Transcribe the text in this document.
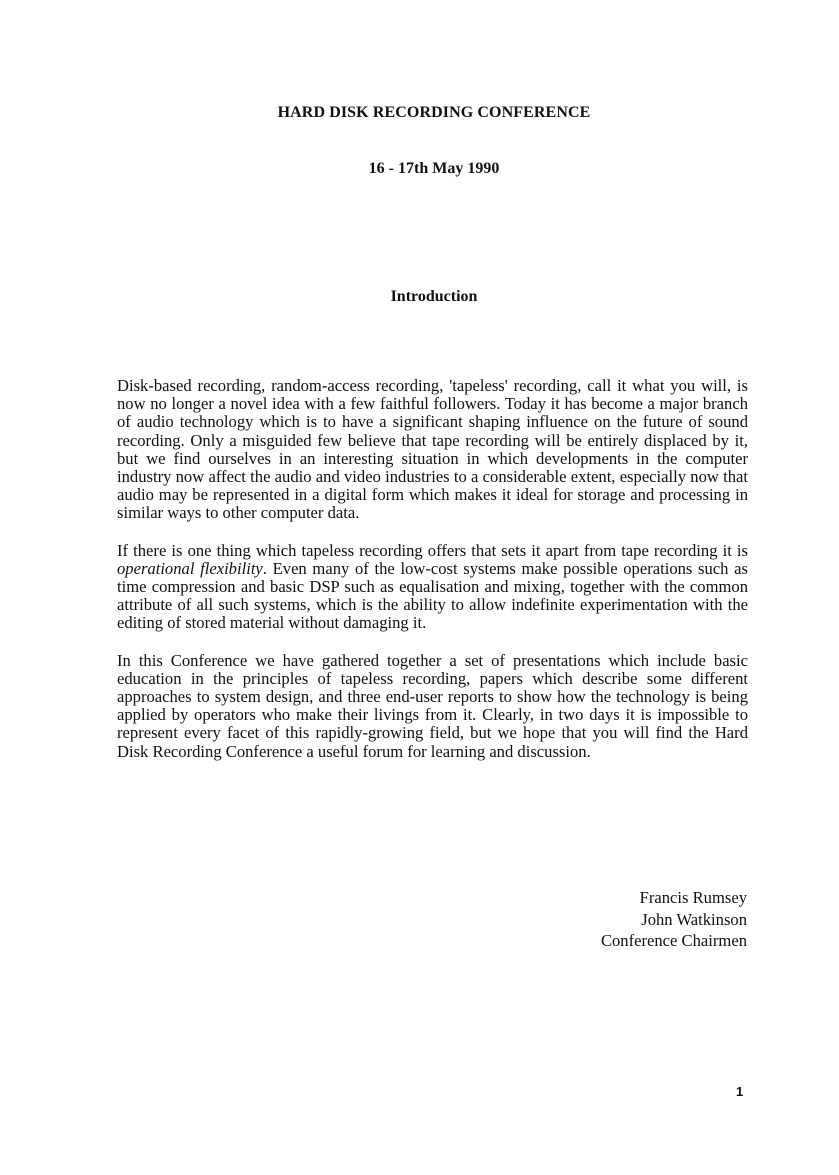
HARD DISK RECORDING CONFERENCE
16 - 17th May 1990
Introduction

Disk-based recording, random-access recording, 'tapeless' recording, call it what you will, is now no longer a novel idea with a few faithful followers. Today it has become a major branch of audio technology which is to have a significant shaping influence on the future of sound recording. Only a misguided few believe that tape recording will be entirely displaced by it, but we find ourselves in an interesting situation in which developments in the computer industry now affect the audio and video industries to a considerable extent, especially now that audio may be represented in a digital form which makes it ideal for storage and processing in similar ways to other computer data.

If there is one thing which tapeless recording offers that sets it apart from tape recording it is operational flexibility. Even many of the low-cost systems make possible operations such as time compression and basic DSP such as equalisation and mixing, together with the common attribute of all such systems, which is the ability to allow indefinite experimentation with the editing of stored material without damaging it.

In this Conference we have gathered together a set of presentations which include basic education in the principles of tapeless recording, papers which describe some different approaches to system design, and three end-user reports to show how the technology is being applied by operators who make their livings from it. Clearly, in two days it is impossible to represent every facet of this rapidly-growing field, but we hope that you will find the Hard Disk Recording Conference a useful forum for learning and discussion.

Francis Rumsey
John Watkinson
Conference Chairmen
1
